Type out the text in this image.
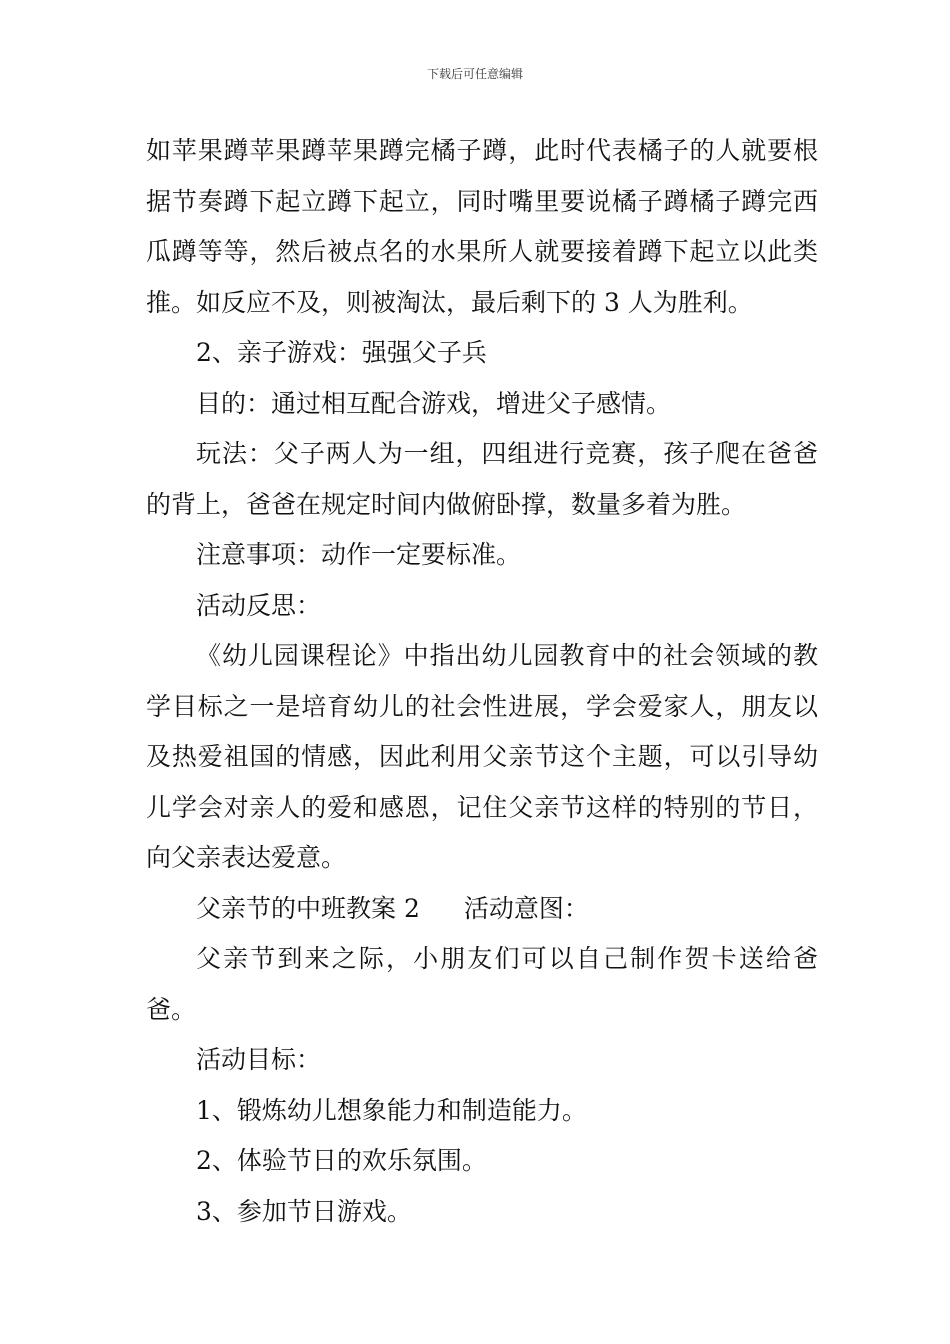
下载后可任意编辑

如苹果蹲苹果蹲苹果蹲完橘子蹲，此时代表橘子的人就要根据节奏蹲下起立蹲下起立，同时嘴里要说橘子蹲橘子蹲完西瓜蹲等等，然后被点名的水果所人就要接着蹲下起立以此类推。如反应不及，则被淘汰，最后剩下的 3 人为胜利。

2、亲子游戏：强强父子兵

目的：通过相互配合游戏，增进父子感情。

玩法：父子两人为一组，四组进行竞赛，孩子爬在爸爸的背上，爸爸在规定时间内做俯卧撑，数量多着为胜。

注意事项：动作一定要标准。

活动反思：

《幼儿园课程论》中指出幼儿园教育中的社会领域的教学目标之一是培育幼儿的社会性进展，学会爱家人，朋友以及热爱祖国的情感，因此利用父亲节这个主题，可以引导幼儿学会对亲人的爱和感恩，记住父亲节这样的特别的节日，向父亲表达爱意。

父亲节的中班教案 2 活动意图：

父亲节到来之际，小朋友们可以自己制作贺卡送给爸爸。

活动目标：

1、锻炼幼儿想象能力和制造能力。

2、体验节日的欢乐氛围。

3、参加节日游戏。
